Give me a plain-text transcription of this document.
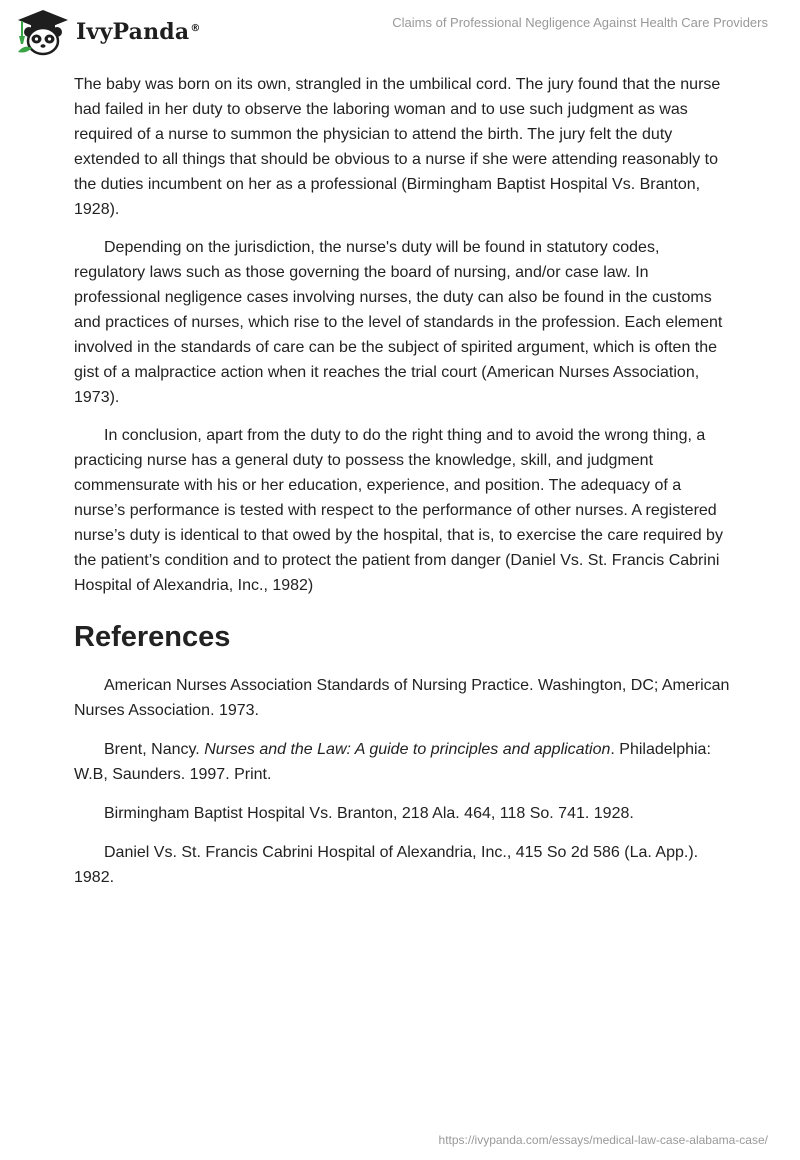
IvyPanda®	Claims of Professional Negligence Against Health Care Providers

The baby was born on its own, strangled in the umbilical cord. The jury found that the nurse had failed in her duty to observe the laboring woman and to use such judgment as was required of a nurse to summon the physician to attend the birth. The jury felt the duty extended to all things that should be obvious to a nurse if she were attending reasonably to the duties incumbent on her as a professional (Birmingham Baptist Hospital Vs. Branton, 1928).

Depending on the jurisdiction, the nurse's duty will be found in statutory codes, regulatory laws such as those governing the board of nursing, and/or case law. In professional negligence cases involving nurses, the duty can also be found in the customs and practices of nurses, which rise to the level of standards in the profession. Each element involved in the standards of care can be the subject of spirited argument, which is often the gist of a malpractice action when it reaches the trial court (American Nurses Association, 1973).

In conclusion, apart from the duty to do the right thing and to avoid the wrong thing, a practicing nurse has a general duty to possess the knowledge, skill, and judgment commensurate with his or her education, experience, and position. The adequacy of a nurse’s performance is tested with respect to the performance of other nurses. A registered nurse’s duty is identical to that owed by the hospital, that is, to exercise the care required by the patient’s condition and to protect the patient from danger (Daniel Vs. St. Francis Cabrini Hospital of Alexandria, Inc., 1982)

References

American Nurses Association Standards of Nursing Practice. Washington, DC; American Nurses Association. 1973.

Brent, Nancy. Nurses and the Law: A guide to principles and application. Philadelphia: W.B, Saunders. 1997. Print.

Birmingham Baptist Hospital Vs. Branton, 218 Ala. 464, 118 So. 741. 1928.

Daniel Vs. St. Francis Cabrini Hospital of Alexandria, Inc., 415 So 2d 586 (La. App.). 1982.

https://ivypanda.com/essays/medical-law-case-alabama-case/
